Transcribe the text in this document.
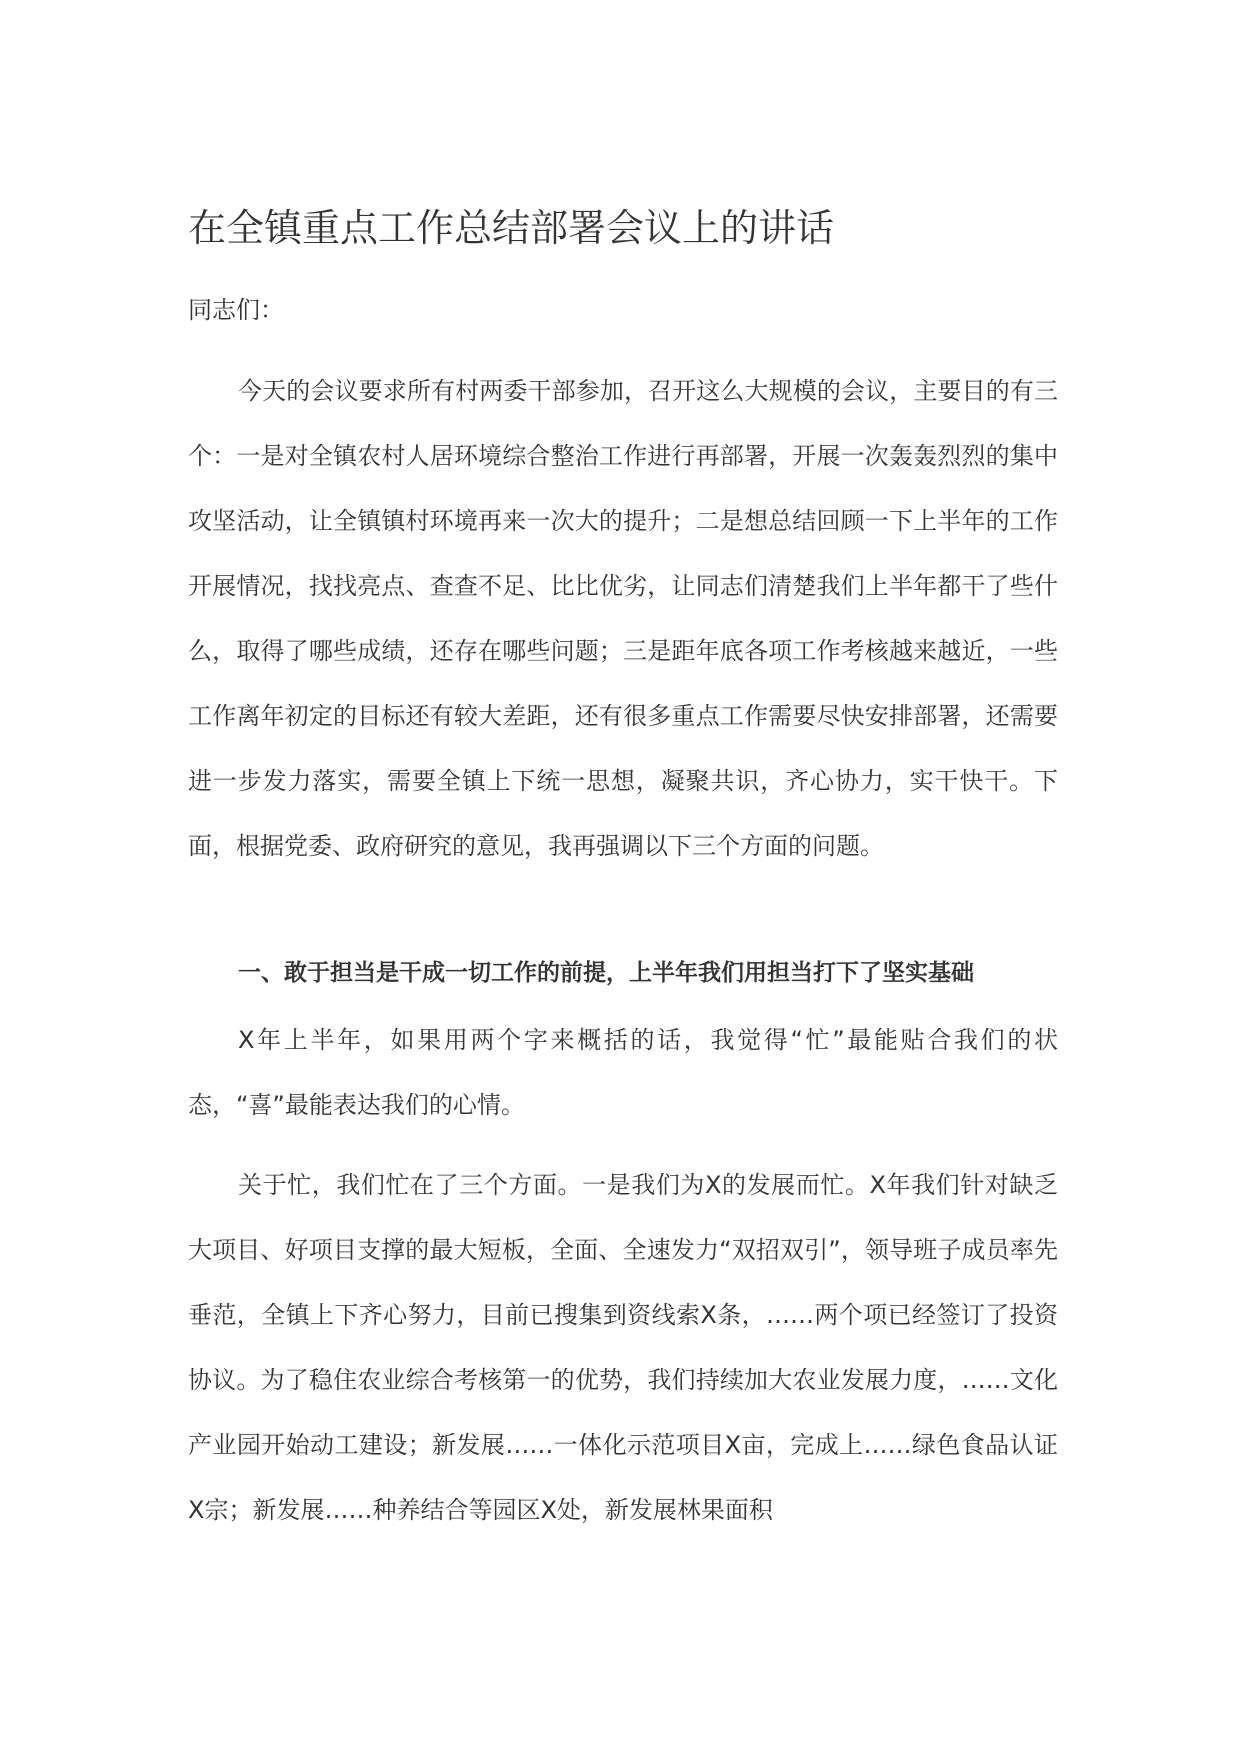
在全镇重点工作总结部署会议上的讲话

同志们：

今天的会议要求所有村两委干部参加，召开这么大规模的会议，主要目的有三个：一是对全镇农村人居环境综合整治工作进行再部署，开展一次轰轰烈烈的集中攻坚活动，让全镇镇村环境再来一次大的提升；二是想总结回顾一下上半年的工作开展情况，找找亮点、查查不足、比比优劣，让同志们清楚我们上半年都干了些什么，取得了哪些成绩，还存在哪些问题；三是距年底各项工作考核越来越近，一些工作离年初定的目标还有较大差距，还有很多重点工作需要尽快安排部署，还需要进一步发力落实，需要全镇上下统一思想，凝聚共识，齐心协力，实干快干。下面，根据党委、政府研究的意见，我再强调以下三个方面的问题。

一、敢于担当是干成一切工作的前提，上半年我们用担当打下了坚实基础

X年上半年，如果用两个字来概括的话，我觉得“忙”最能贴合我们的状态，“喜”最能表达我们的心情。

关于忙，我们忙在了三个方面。一是我们为X的发展而忙。X年我们针对缺乏大项目、好项目支撑的最大短板，全面、全速发力“双招双引”，领导班子成员率先垂范，全镇上下齐心努力，目前已搜集到资线索X条，……两个项已经签订了投资协议。为了稳住农业综合考核第一的优势，我们持续加大农业发展力度，……文化产业园开始动工建设；新发展……一体化示范项目X亩，完成上……绿色食品认证X宗；新发展……种养结合等园区X处，新发展林果面积
